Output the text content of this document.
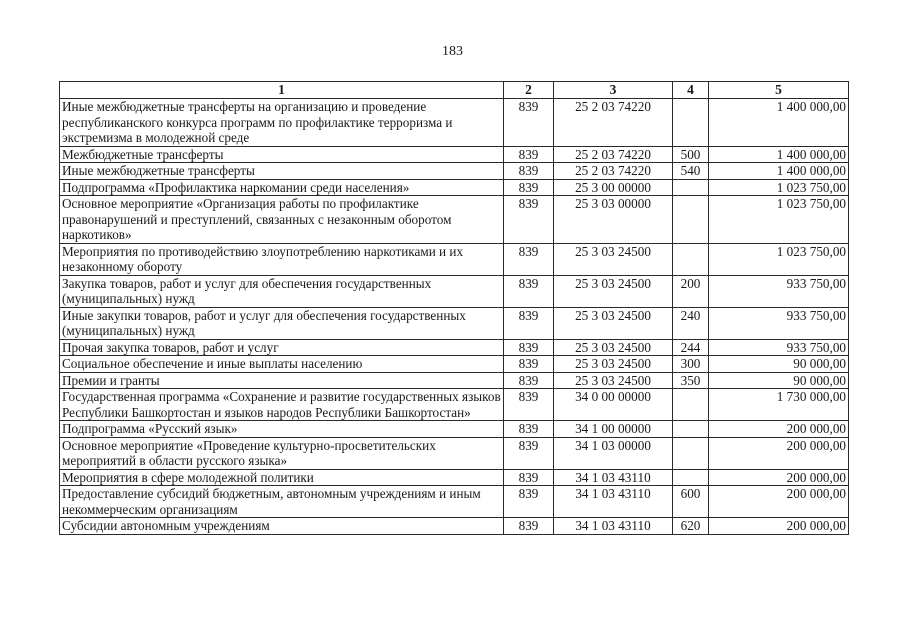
183
1	2	3	4	5
Иные межбюджетные трансферты на организацию и проведение республиканского конкурса программ по профилактике терроризма и экстремизма в молодежной среде	839	25 2 03 74220		1 400 000,00
Межбюджетные трансферты	839	25 2 03 74220	500	1 400 000,00
Иные межбюджетные трансферты	839	25 2 03 74220	540	1 400 000,00
Подпрограмма «Профилактика наркомании среди населения»	839	25 3 00 00000		1 023 750,00
Основное мероприятие «Организация работы по профилактике правонарушений и преступлений, связанных с незаконным оборотом наркотиков»	839	25 3 03 00000		1 023 750,00
Мероприятия по противодействию злоупотреблению наркотиками и их незаконному обороту	839	25 3 03 24500		1 023 750,00
Закупка товаров, работ и услуг для обеспечения государственных (муниципальных) нужд	839	25 3 03 24500	200	933 750,00
Иные закупки товаров, работ и услуг для обеспечения государственных (муниципальных) нужд	839	25 3 03 24500	240	933 750,00
Прочая закупка товаров, работ и услуг	839	25 3 03 24500	244	933 750,00
Социальное обеспечение и иные выплаты населению	839	25 3 03 24500	300	90 000,00
Премии и гранты	839	25 3 03 24500	350	90 000,00
Государственная программа «Сохранение и развитие государственных языков Республики Башкортостан и языков народов Республики Башкортостан»	839	34 0 00 00000		1 730 000,00
Подпрограмма «Русский язык»	839	34 1 00 00000		200 000,00
Основное мероприятие «Проведение культурно-просветительских мероприятий в области русского языка»	839	34 1 03 00000		200 000,00
Мероприятия в сфере молодежной политики	839	34 1 03 43110		200 000,00
Предоставление субсидий бюджетным, автономным учреждениям и иным некоммерческим организациям	839	34 1 03 43110	600	200 000,00
Субсидии автономным учреждениям	839	34 1 03 43110	620	200 000,00
